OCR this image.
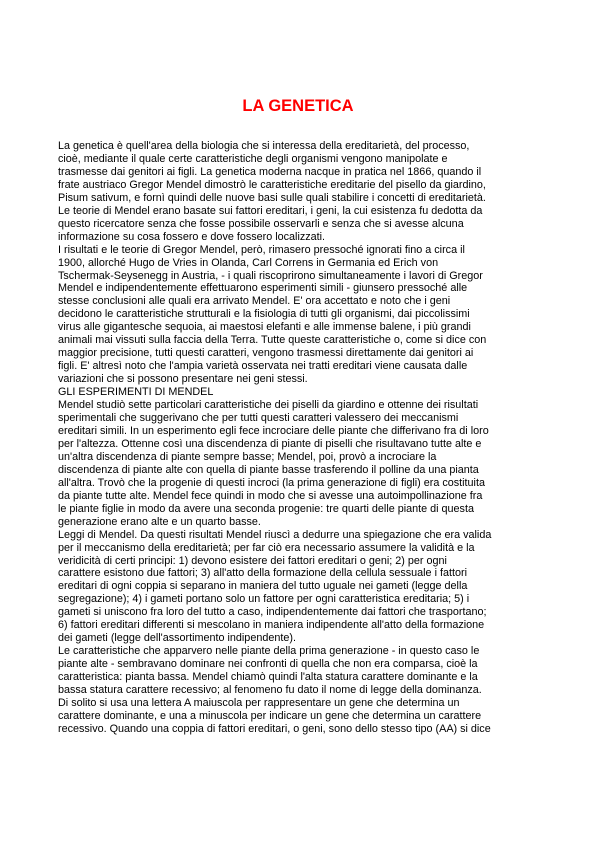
LA GENETICA

La genetica è quell'area della biologia che si interessa della ereditarietà, del processo,

cioè, mediante il quale certe caratteristiche degli organismi vengono manipolate e

trasmesse dai genitori ai figli. La genetica moderna nacque in pratica nel 1866, quando il

frate austriaco Gregor Mendel dimostrò le caratteristiche ereditarie del pisello da giardino,

Pisum sativum, e fornì quindi delle nuove basi sulle quali stabilire i concetti di ereditarietà.

Le teorie di Mendel erano basate sui fattori ereditari, i geni, la cui esistenza fu dedotta da

questo ricercatore senza che fosse possibile osservarli e senza che si avesse alcuna

informazione su cosa fossero e dove fossero localizzati.

I risultati e le teorie di Gregor Mendel, però, rimasero pressoché ignorati fino a circa il

1900, allorché Hugo de Vries in Olanda, Carl Correns in Germania ed Erich von

Tschermak-Seysenegg in Austria, - i quali riscoprirono simultaneamente i lavori di Gregor

Mendel e indipendentemente effettuarono esperimenti simili - giunsero pressoché alle

stesse conclusioni alle quali era arrivato Mendel. E' ora accettato e noto che i geni

decidono le caratteristiche strutturali e la fisiologia di tutti gli organismi, dai piccolissimi

virus alle gigantesche sequoia, ai maestosi elefanti e alle immense balene, i più grandi

animali mai vissuti sulla faccia della Terra. Tutte queste caratteristiche o, come si dice con

maggior precisione, tutti questi caratteri, vengono trasmessi direttamente dai genitori ai

figli. E' altresì noto che l'ampia varietà osservata nei tratti ereditari viene causata dalle

variazioni che si possono presentare nei geni stessi.

GLI ESPERIMENTI DI MENDEL

Mendel studiò sette particolari caratteristiche dei piselli da giardino e ottenne dei risultati

sperimentali che suggerivano che per tutti questi caratteri valessero dei meccanismi

ereditari simili. In un esperimento egli fece incrociare delle piante che differivano fra di loro

per l'altezza. Ottenne così una discendenza di piante di piselli che risultavano tutte alte e

un'altra discendenza di piante sempre basse; Mendel, poi, provò a incrociare la

discendenza di piante alte con quella di piante basse trasferendo il polline da una pianta

all'altra. Trovò che la progenie di questi incroci (la prima generazione di figli) era costituita

da piante tutte alte. Mendel fece quindi in modo che si avesse una autoimpollinazione fra

le piante figlie in modo da avere una seconda progenie: tre quarti delle piante di questa

generazione erano alte e un quarto basse.

Leggi di Mendel. Da questi risultati Mendel riuscì a dedurre una spiegazione che era valida

per il meccanismo della ereditarietà; per far ciò era necessario assumere la validità e la

veridicità di certi principi: 1) devono esistere dei fattori ereditari o geni; 2) per ogni

carattere esistono due fattori; 3) all'atto della formazione della cellula sessuale i fattori

ereditari di ogni coppia si separano in maniera del tutto uguale nei gameti (legge della

segregazione); 4) i gameti portano solo un fattore per ogni caratteristica ereditaria; 5) i

gameti si uniscono fra loro del tutto a caso, indipendentemente dai fattori che trasportano;

6) fattori ereditari differenti si mescolano in maniera indipendente all'atto della formazione

dei gameti (legge dell'assortimento indipendente).

Le caratteristiche che apparvero nelle piante della prima generazione - in questo caso le

piante alte - sembravano dominare nei confronti di quella che non era comparsa, cioè la

caratteristica: pianta bassa. Mendel chiamò quindi l'alta statura carattere dominante e la

bassa statura carattere recessivo; al fenomeno fu dato il nome di legge della dominanza.

Di solito si usa una lettera A maiuscola per rappresentare un gene che determina un

carattere dominante, e una a minuscola per indicare un gene che determina un carattere

recessivo. Quando una coppia di fattori ereditari, o geni, sono dello stesso tipo (AA) si dice
